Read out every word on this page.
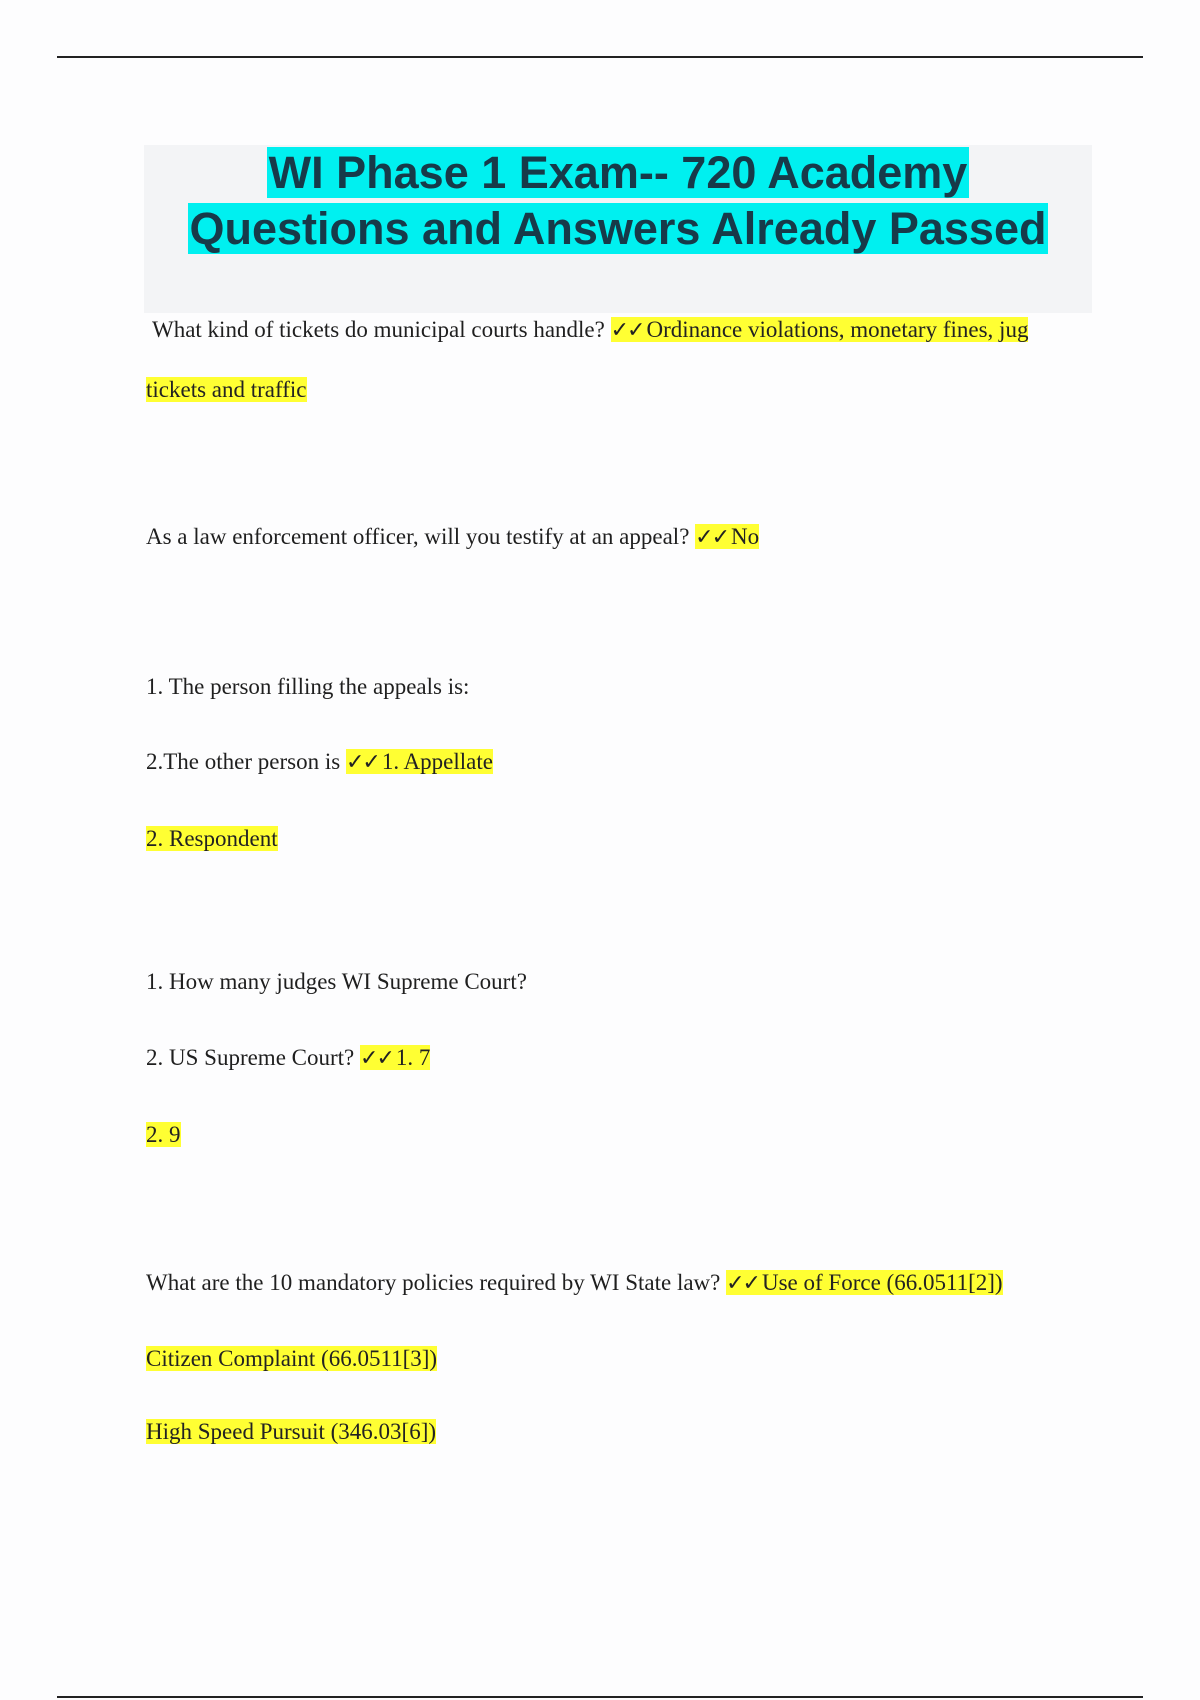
WI Phase 1 Exam-- 720 Academy
Questions and Answers Already Passed
What kind of tickets do municipal courts handle? ✓✓ Ordinance violations, monetary fines, jug
tickets and traffic
As a law enforcement officer, will you testify at an appeal? ✓✓ No
1. The person filling the appeals is:
2.The other person is ✓✓ 1. Appellate
2. Respondent
1. How many judges WI Supreme Court?
2. US Supreme Court? ✓✓ 1. 7
2. 9
What are the 10 mandatory policies required by WI State law? ✓✓ Use of Force (66.0511[2])
Citizen Complaint (66.0511[3])
High Speed Pursuit (346.03[6])
